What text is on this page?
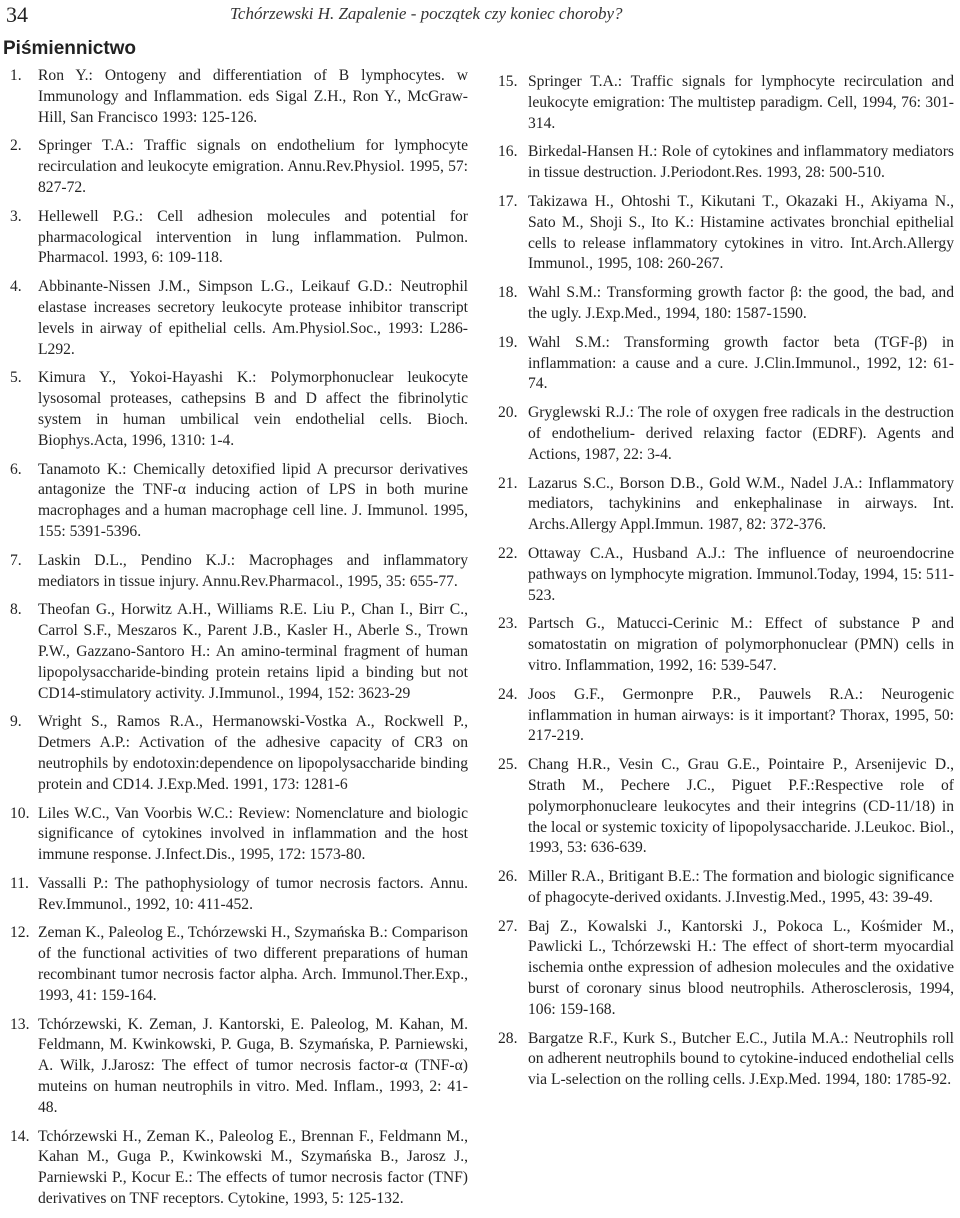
34	Tchórzewski H. Zapalenie - początek czy koniec choroby?
Piśmiennictwo
1.	Ron Y.: Ontogeny and differentiation of B lymphocytes. w Immunology and Inflammation. eds Sigal Z.H., Ron Y., McGraw-Hill, San Francisco 1993: 125-126.
2.	Springer T.A.: Traffic signals on endothelium for lymphocyte recirculation and leukocyte emigration. Annu.Rev.Physiol. 1995, 57: 827-72.
3.	Hellewell P.G.: Cell adhesion molecules and potential for pharmacological intervention in lung inflammation. Pulmon. Pharmacol. 1993, 6: 109-118.
4.	Abbinante-Nissen J.M., Simpson L.G., Leikauf G.D.: Neutrophil elastase increases secretory leukocyte protease inhibitor transcript levels in airway of epithelial cells. Am.Physiol.Soc., 1993: L286-L292.
5.	Kimura Y., Yokoi-Hayashi K.: Polymorphonuclear leukocyte lysosomal proteases, cathepsins B and D affect the fibrinolytic system in human umbilical vein endothelial cells. Bioch. Biophys.Acta, 1996, 1310: 1-4.
6.	Tanamoto K.: Chemically detoxified lipid A precursor derivatives antagonize the TNF-α inducing action of LPS in both murine macrophages and a human macrophage cell line. J. Immunol. 1995, 155: 5391-5396.
7.	Laskin D.L., Pendino K.J.: Macrophages and inflammatory mediators in tissue injury. Annu.Rev.Pharmacol., 1995, 35: 655-77.
8.	Theofan G., Horwitz A.H., Williams R.E. Liu P., Chan I., Birr C., Carrol S.F., Meszaros K., Parent J.B., Kasler H., Aberle S., Trown P.W., Gazzano-Santoro H.: An amino-terminal fragment of human lipopolysaccharide-binding protein retains lipid a binding but not CD14-stimulatory activity. J.Immunol., 1994, 152: 3623-29
9.	Wright S., Ramos R.A., Hermanowski-Vostka A., Rockwell P., Detmers A.P.: Activation of the adhesive capacity of CR3 on neutrophils by endotoxin:dependence on lipopolysaccharide binding protein and CD14. J.Exp.Med. 1991, 173: 1281-6
10. Liles W.C., Van Voorbis W.C.: Review: Nomenclature and biologic significance of cytokines involved in inflammation and the host immune response. J.Infect.Dis., 1995, 172: 1573-80.
11. Vassalli P.: The pathophysiology of tumor necrosis factors. Annu. Rev.Immunol., 1992, 10: 411-452.
12. Zeman K., Paleolog E., Tchórzewski H., Szymańska B.: Comparison of the functional activities of two different preparations of human recombinant tumor necrosis factor alpha. Arch. Immunol.Ther.Exp., 1993, 41: 159-164.
13. Tchórzewski, K. Zeman, J. Kantorski, E. Paleolog, M. Kahan, M. Feldmann, M. Kwinkowski, P. Guga, B. Szymańska, P. Parniewski, A. Wilk, J.Jarosz: The effect of tumor necrosis factor-α (TNF-α) muteins on human neutrophils in vitro. Med. Inflam., 1993, 2: 41-48.
14. Tchórzewski H., Zeman K., Paleolog E., Brennan F., Feldmann M., Kahan M., Guga P., Kwinkowski M., Szymańska B., Jarosz J., Parniewski P., Kocur E.: The effects of tumor necrosis factor (TNF) derivatives on TNF receptors. Cytokine, 1993, 5: 125-132.
15. Springer T.A.: Traffic signals for lymphocyte recirculation and leukocyte emigration: The multistep paradigm. Cell, 1994, 76: 301- 314.
16. Birkedal-Hansen H.: Role of cytokines and inflammatory mediators in tissue destruction. J.Periodont.Res. 1993, 28: 500-510.
17. Takizawa H., Ohtoshi T., Kikutani T., Okazaki H., Akiyama N., Sato M., Shoji S., Ito K.: Histamine activates bronchial epithelial cells to release inflammatory cytokines in vitro. Int.Arch.Allergy Immunol., 1995, 108: 260-267.
18. Wahl S.M.: Transforming growth factor β: the good, the bad, and the ugly. J.Exp.Med., 1994, 180: 1587-1590.
19. Wahl S.M.: Transforming growth factor beta (TGF-β) in inflammation: a cause and a cure. J.Clin.Immunol., 1992, 12: 61-74.
20. Gryglewski R.J.: The role of oxygen free radicals in the destruction of endothelium- derived relaxing factor (EDRF). Agents and Actions, 1987, 22: 3-4.
21. Lazarus S.C., Borson D.B., Gold W.M., Nadel J.A.: Inflammatory mediators, tachykinins and enkephalinase in airways. Int. Archs.Allergy Appl.Immun. 1987, 82: 372-376.
22. Ottaway C.A., Husband A.J.: The influence of neuroendocrine pathways on lymphocyte migration. Immunol.Today, 1994, 15: 511-523.
23. Partsch G., Matucci-Cerinic M.: Effect of substance P and somatostatin on migration of polymorphonuclear (PMN) cells in vitro. Inflammation, 1992, 16: 539-547.
24. Joos G.F., Germonpre P.R., Pauwels R.A.: Neurogenic inflammation in human airways: is it important? Thorax, 1995, 50: 217-219.
25. Chang H.R., Vesin C., Grau G.E., Pointaire P., Arsenijevic D., Strath M., Pechere J.C., Piguet P.F.:Respective role of polymorphonucleare leukocytes and their integrins (CD-11/18) in the local or systemic toxicity of lipopolysaccharide. J.Leukoc. Biol., 1993, 53: 636-639.
26. Miller R.A., Britigant B.E.: The formation and biologic significance of phagocyte-derived oxidants. J.Investig.Med., 1995, 43: 39-49.
27. Baj Z., Kowalski J., Kantorski J., Pokoca L., Kośmider M., Pawlicki L., Tchórzewski H.: The effect of short-term myocardial ischemia onthe expression of adhesion molecules and the oxidative burst of coronary sinus blood neutrophils. Atherosclerosis, 1994, 106: 159-168.
28. Bargatze R.F., Kurk S., Butcher E.C., Jutila M.A.: Neutrophils roll on adherent neutrophils bound to cytokine-induced endothelial cells via L-selection on the rolling cells. J.Exp.Med. 1994, 180: 1785-92.
